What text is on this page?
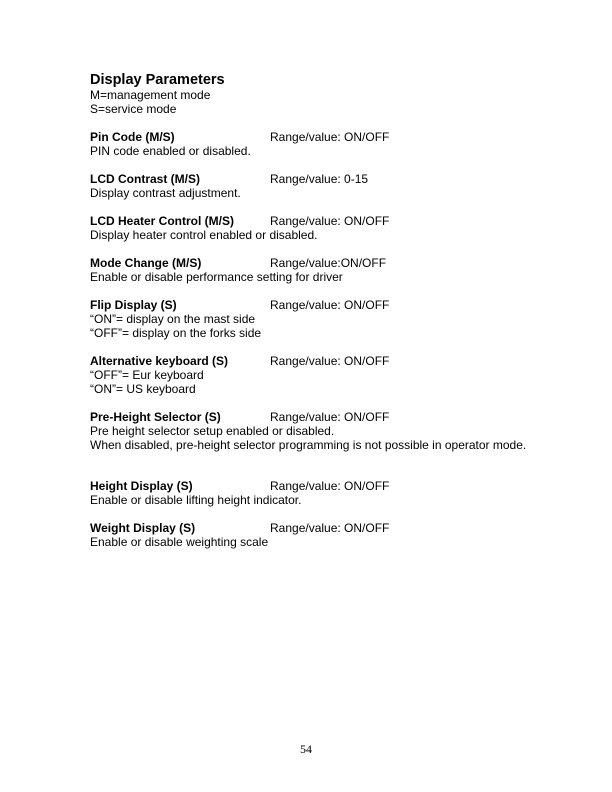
Display Parameters
M=management mode
S=service mode
Pin Code (M/S)	Range/value: ON/OFF
PIN code enabled or disabled.
LCD Contrast (M/S)	Range/value: 0-15
Display contrast adjustment.
LCD Heater Control (M/S)	Range/value: ON/OFF
Display heater control enabled or disabled.
Mode Change (M/S)	Range/value:ON/OFF
Enable or disable performance setting for driver
Flip Display (S)	Range/value: ON/OFF
“ON”= display on the mast side
“OFF”= display on the forks side
Alternative keyboard (S)	Range/value: ON/OFF
“OFF”= Eur keyboard
“ON”= US keyboard
Pre-Height Selector (S)	Range/value: ON/OFF
Pre height selector setup enabled or disabled.
When disabled, pre-height selector programming is not possible in operator mode.
Height Display (S)	Range/value: ON/OFF
Enable or disable lifting height indicator.
Weight Display (S)	Range/value: ON/OFF
Enable or disable weighting scale
54
